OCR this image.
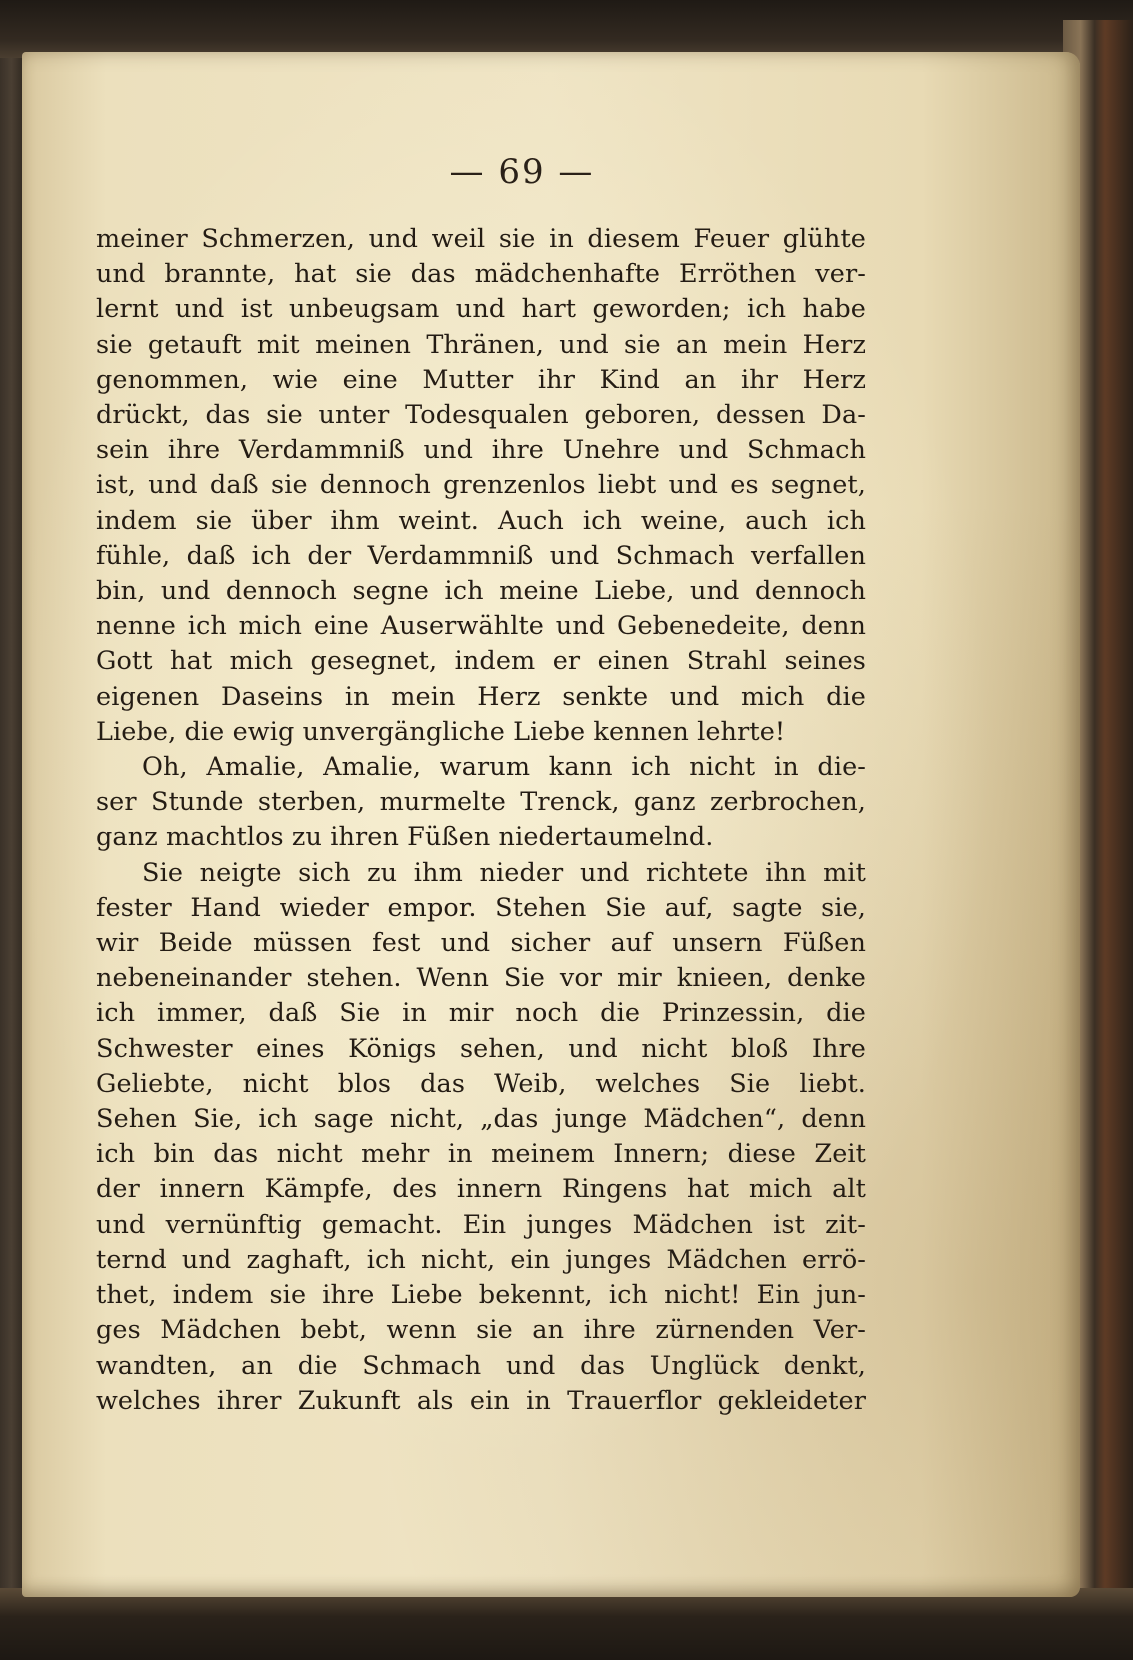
— 69 —
meiner Schmerzen, und weil sie in diesem Feuer glühte
und brannte, hat sie das mädchenhafte Erröthen ver-
lernt und ist unbeugsam und hart geworden; ich habe
sie getauft mit meinen Thränen, und sie an mein Herz
genommen, wie eine Mutter ihr Kind an ihr Herz
drückt, das sie unter Todesqualen geboren, dessen Da-
sein ihre Verdammniß und ihre Unehre und Schmach
ist, und daß sie dennoch grenzenlos liebt und es segnet,
indem sie über ihm weint. Auch ich weine, auch ich
fühle, daß ich der Verdammniß und Schmach verfallen
bin, und dennoch segne ich meine Liebe, und dennoch
nenne ich mich eine Auserwählte und Gebenedeite, denn
Gott hat mich gesegnet, indem er einen Strahl seines
eigenen Daseins in mein Herz senkte und mich die
Liebe, die ewig unvergängliche Liebe kennen lehrte!
Oh, Amalie, Amalie, warum kann ich nicht in die-
ser Stunde sterben, murmelte Trenck, ganz zerbrochen,
ganz machtlos zu ihren Füßen niedertaumelnd.
Sie neigte sich zu ihm nieder und richtete ihn mit
fester Hand wieder empor. Stehen Sie auf, sagte sie,
wir Beide müssen fest und sicher auf unsern Füßen
nebeneinander stehen. Wenn Sie vor mir knieen, denke
ich immer, daß Sie in mir noch die Prinzessin, die
Schwester eines Königs sehen, und nicht bloß Ihre
Geliebte, nicht blos das Weib, welches Sie liebt.
Sehen Sie, ich sage nicht, „das junge Mädchen“, denn
ich bin das nicht mehr in meinem Innern; diese Zeit
der innern Kämpfe, des innern Ringens hat mich alt
und vernünftig gemacht. Ein junges Mädchen ist zit-
ternd und zaghaft, ich nicht, ein junges Mädchen errö-
thet, indem sie ihre Liebe bekennt, ich nicht! Ein jun-
ges Mädchen bebt, wenn sie an ihre zürnenden Ver-
wandten, an die Schmach und das Unglück denkt,
welches ihrer Zukunft als ein in Trauerflor gekleideter
